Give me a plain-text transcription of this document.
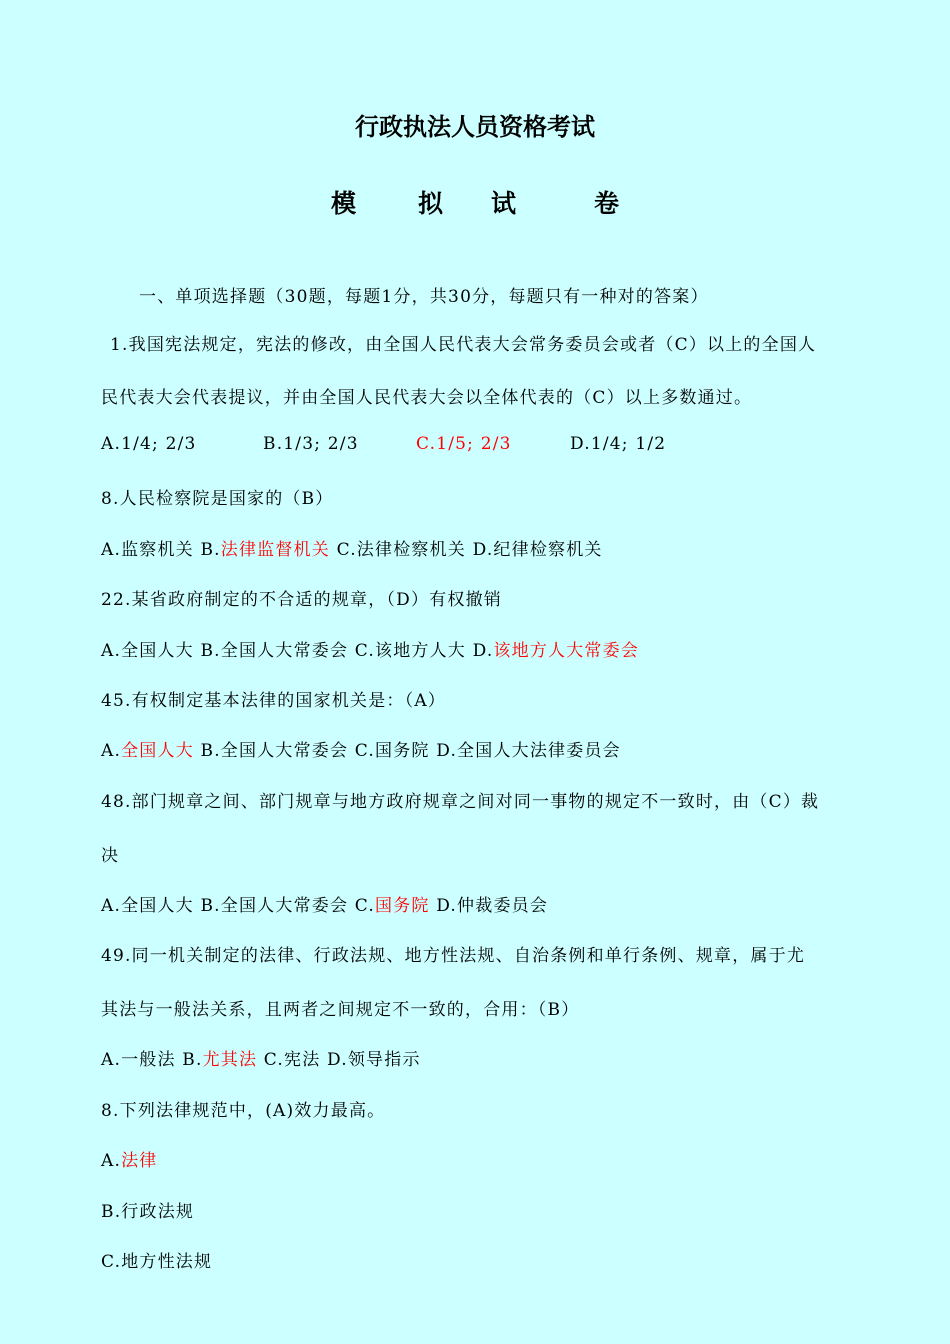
行政执法人员资格考试
模 拟 试	卷
一、单项选择题（30题，每题1分，共30分，每题只有一种对的答案）
1.我国宪法规定，宪法的修改，由全国人民代表大会常务委员会或者（C）以上的全国人
民代表大会代表提议，并由全国人民代表大会以全体代表的（C）以上多数通过。
A.1/4; 2/3	B.1/3; 2/3	C.1/5; 2/3	D.1/4; 1/2
8.人民检察院是国家的（B）
A.监察机关 B.法律监督机关 C.法律检察机关 D.纪律检察机关
22.某省政府制定的不合适的规章，（D）有权撤销
A.全国人大 B.全国人大常委会 C.该地方人大 D.该地方人大常委会
45.有权制定基本法律的国家机关是：（A）
A.全国人大 B.全国人大常委会 C.国务院 D.全国人大法律委员会
48.部门规章之间、部门规章与地方政府规章之间对同一事物的规定不一致时，由（C）裁
决
A.全国人大 B.全国人大常委会 C.国务院 D.仲裁委员会
49.同一机关制定的法律、行政法规、地方性法规、自治条例和单行条例、规章，属于尤
其法与一般法关系，且两者之间规定不一致的，合用：（B）
A.一般法 B.尤其法 C.宪法 D.领导指示
8.下列法律规范中，(A)效力最高。
A.法律
B.行政法规
C.地方性法规
